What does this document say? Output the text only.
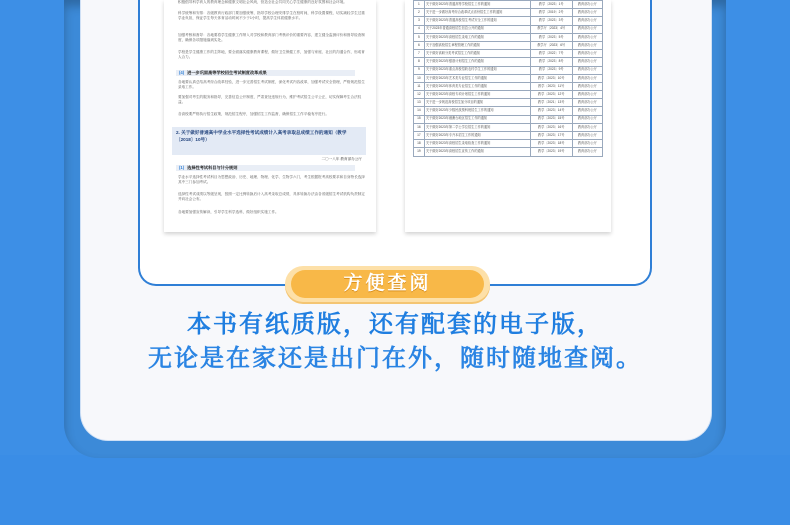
积极倡导科学育人的教育理念和健康文明社会风尚，营造全社会共同关心学生健康的良好氛围和社会环境。
科学统筹和安排：各级教育行政部门要加强统筹，指导学校合理安排学生在校时间，科学设置课程，切实减轻学生过重学业负担，保证学生每天体育活动时间不少于1小时，提高学生体质健康水平。
加强考核和督导：各地要将学生健康工作纳入对学校和教育部门考核评价的重要内容，建立健全监测评价和督导检查制度，确保各项措施落到实处。
学校是学生健康工作的主阵地，要全面落实健康教育课程，做好卫生保健工作，加强与家庭、社区的沟通合作，形成育人合力。
(4) 进一步巩固高等学校招生考试制度改革成果
各地要认真总结高考综合改革经验，进一步完善招生考试制度，深化考试内容改革，加强考试安全管理，严格规范招生录取工作。
要加强对考生的服务和指导，完善信息公开制度，严肃查处违规行为，维护考试招生公平公正，切实保障考生合法权益。
各高校要严格执行招生政策，规范招生程序，加强招生工作监督，确保招生工作平稳有序进行。
2. 关于做好普通高中学业水平选择性考试成绩计入高考录取总成绩工作的通知（教学〔2018〕10号）
二〇一八年 教育部办公厅
(1) 选择性考试科目与计分规则
学业水平选择性考试科目为思想政治、历史、地理、物理、化学、生物学六门，考生根据报考高校要求和自身特长选择其中三门参加考试。
选择性考试成绩以等级呈现，按照一定比例转换后计入高考录取总成绩，具体转换办法由各省级招生考试机构负责制定并向社会公布。
各地要加强宣传解读，引导学生科学选科，做好组织实施工作。
1	关于做好2023年普通高等学校招生工作的通知	教学〔2023〕1号	教育部办公厅
2	关于进一步做好高考综合改革试点省份招生工作的通知	教学〔2019〕2号	教育部办公厅
3	关于做好2023年普通高校招生考试安全工作的通知	教学〔2023〕3号	教育部办公厅
4	关于2023年普通高校招生信息公开的通知	教学厅〔2023〕4号	教育部办公厅
5	关于做好2023年高校招生录取工作的通知	教学〔2023〕5号	教育部办公厅
6	关于加强高校招生章程管理工作的通知	教学厅〔2023〕6号	教育部办公厅
7	关于做好高职分类考试招生工作的通知	教学〔2022〕7号	教育部办公厅
8	关于做好2023年强基计划招生工作的通知	教学〔2023〕8号	教育部办公厅
9	关于做好2023年重点高校招收农村学生工作的通知	教学〔2023〕9号	教育部办公厅
10	关于做好2023年艺术类专业招生工作的通知	教学〔2023〕10号	教育部办公厅
11	关于做好2023年体育类专业招生工作的通知	教学〔2023〕11号	教育部办公厅
12	关于做好2023年高校专项计划招生工作的通知	教学〔2023〕12号	教育部办公厅
13	关于进一步规范高校招生加分项目的通知	教学〔2021〕13号	教育部办公厅
14	关于做好2023年少数民族预科班招生工作的通知	教学〔2023〕14号	教育部办公厅
15	关于做好2023年港澳台地区招生工作的通知	教学〔2023〕15号	教育部办公厅
16	关于做好2023年第二学士学位招生工作的通知	教学〔2023〕16号	教育部办公厅
17	关于做好2023年专升本招生工作的通知	教学〔2023〕17号	教育部办公厅
18	关于做好2023年高校招生录取检查工作的通知	教学〔2023〕18号	教育部办公厅
19	关于做好2023年高校招生宣传工作的通知	教学〔2023〕19号	教育部办公厅
方便查阅
本书有纸质版，还有配套的电子版，
无论是在家还是出门在外，随时随地查阅。
